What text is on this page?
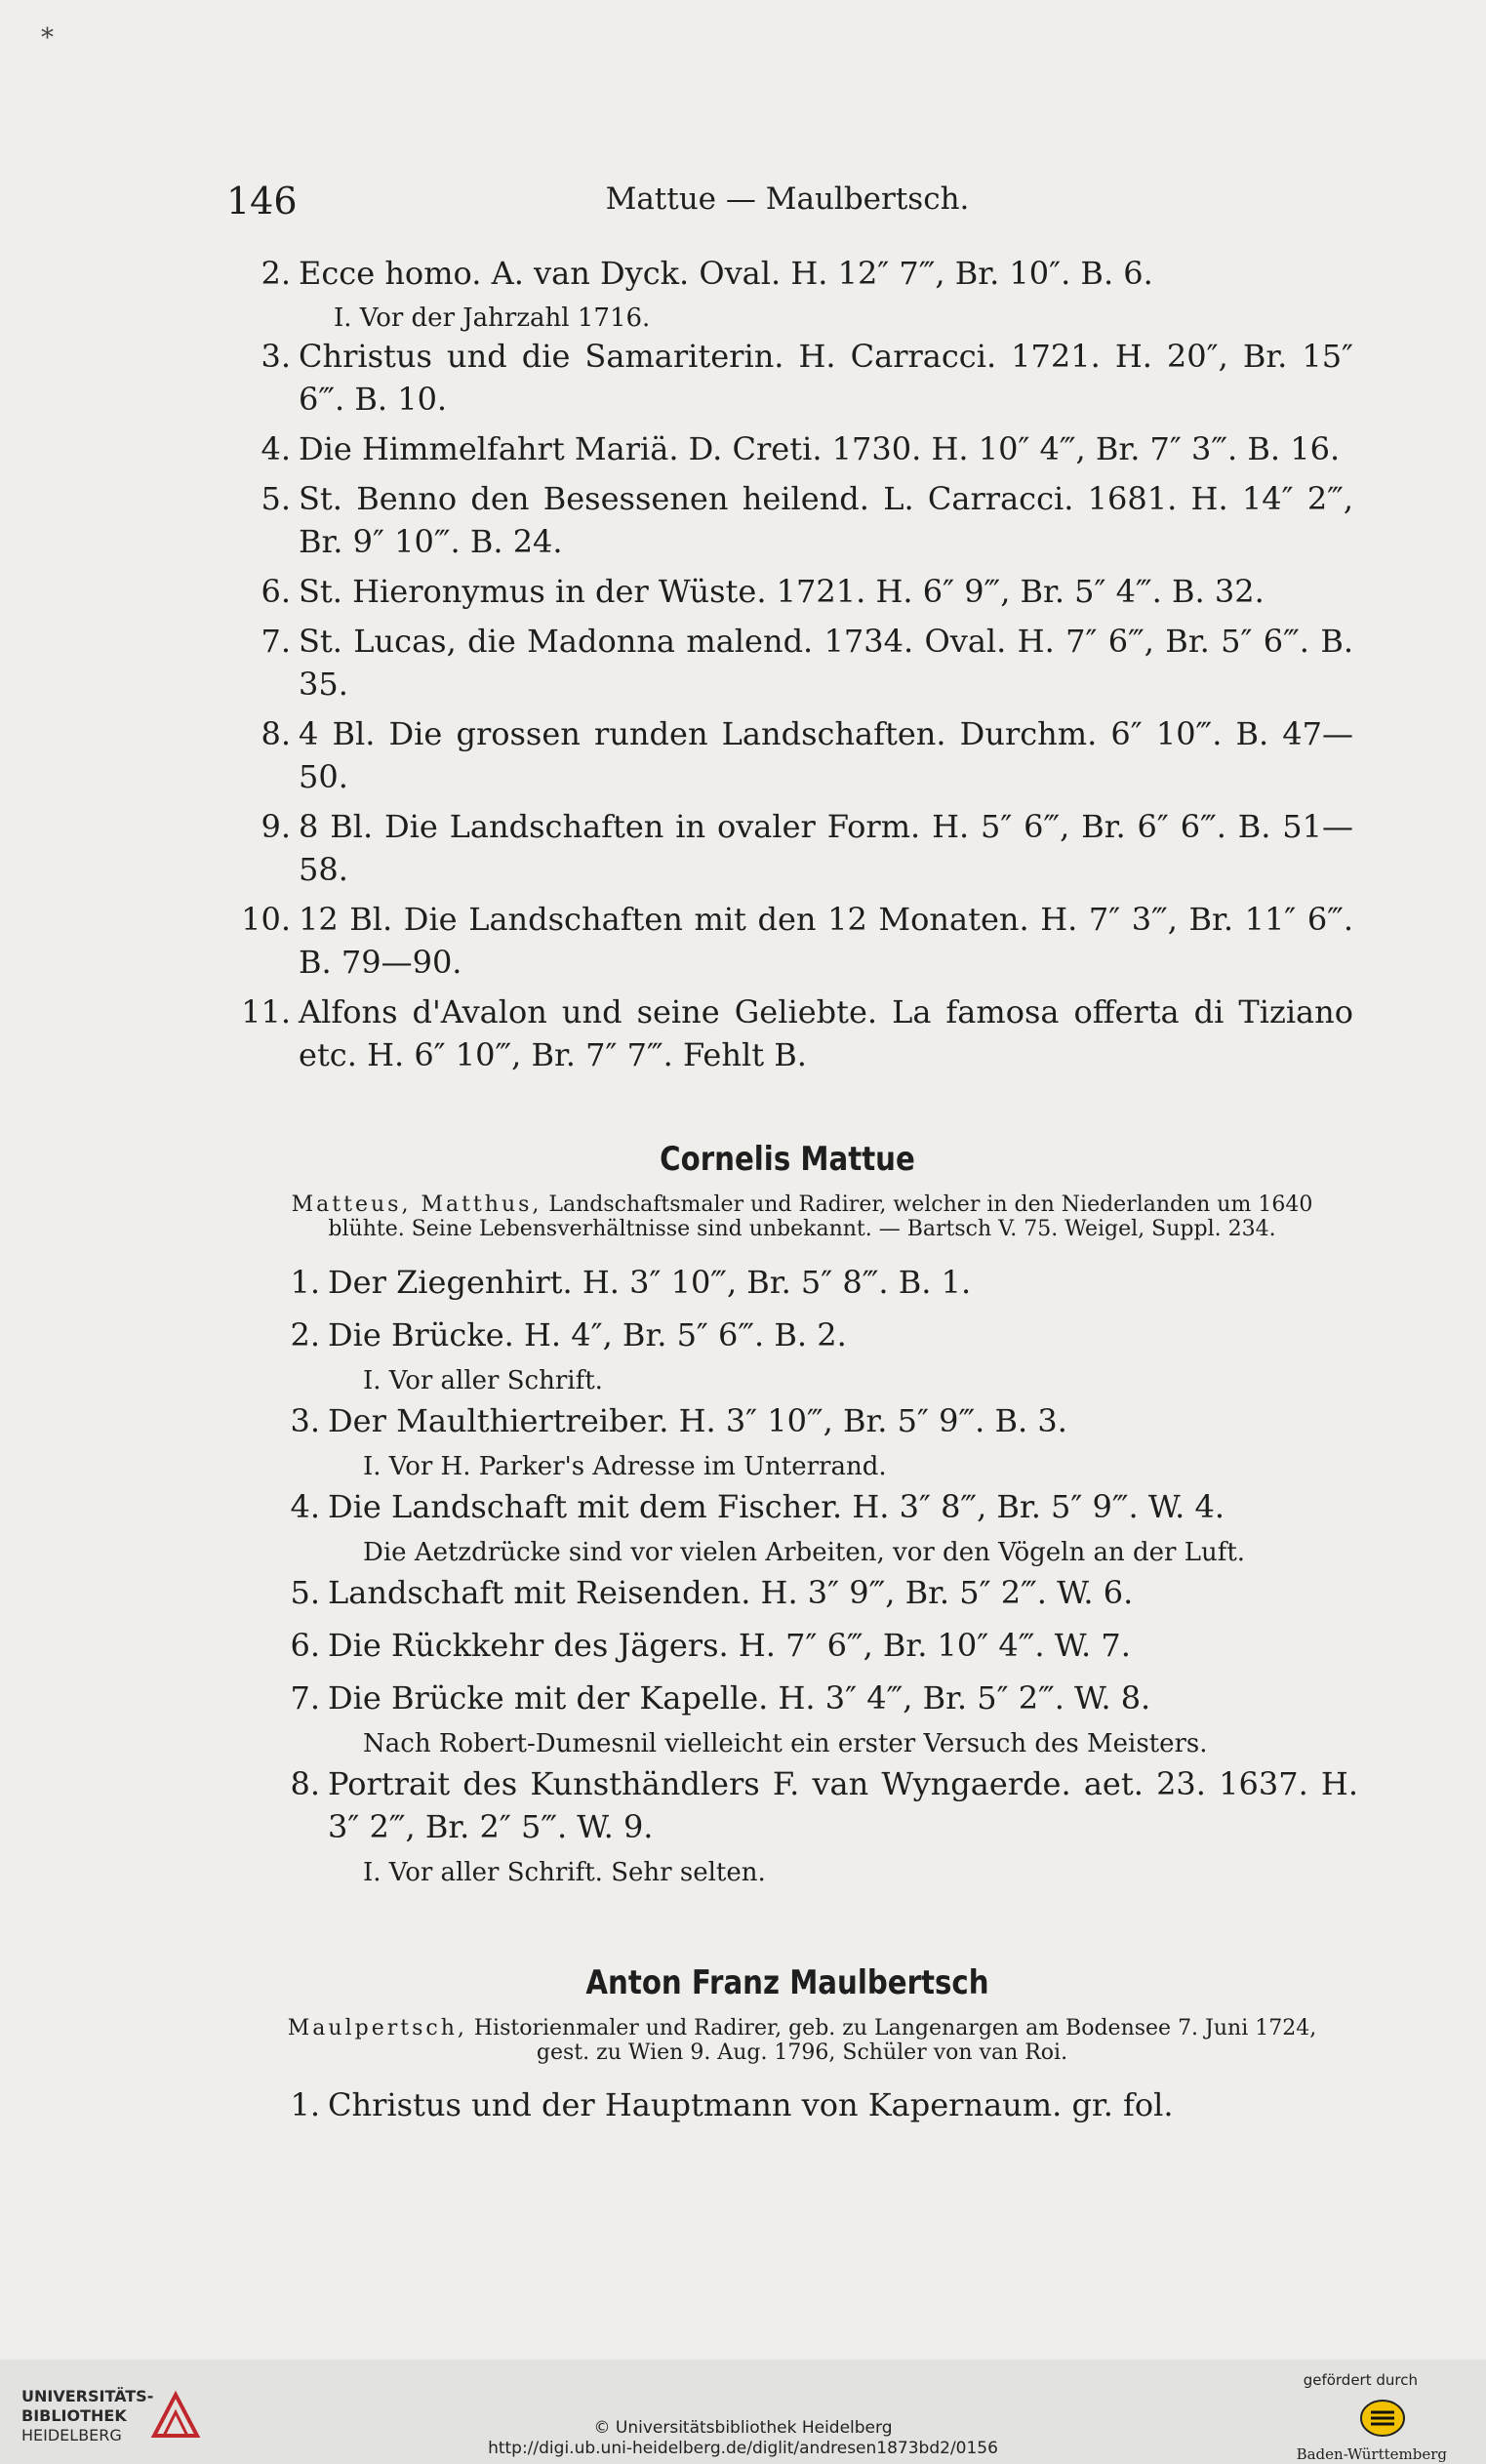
*
146	Mattue — Maulbertsch.
2. Ecce homo. A. van Dyck. Oval. H. 12″ 7‴, Br. 10″. B. 6.
I. Vor der Jahrzahl 1716.
3. Christus und die Samariterin. H. Carracci. 1721. H. 20″, Br. 15″ 6‴. B. 10.
4. Die Himmelfahrt Mariä. D. Creti. 1730. H. 10″ 4‴, Br. 7″ 3‴. B. 16.
5. St. Benno den Besessenen heilend. L. Carracci. 1681. H. 14″ 2‴, Br. 9″ 10‴. B. 24.
6. St. Hieronymus in der Wüste. 1721. H. 6″ 9‴, Br. 5″ 4‴. B. 32.
7. St. Lucas, die Madonna malend. 1734. Oval. H. 7″ 6‴, Br. 5″ 6‴. B. 35.
8. 4 Bl. Die grossen runden Landschaften. Durchm. 6″ 10‴. B. 47—50.
9. 8 Bl. Die Landschaften in ovaler Form. H. 5″ 6‴, Br. 6″ 6‴. B. 51—58.
10. 12 Bl. Die Landschaften mit den 12 Monaten. H. 7″ 3‴, Br. 11″ 6‴. B. 79—90.
11. Alfons d'Avalon und seine Geliebte. La famosa offerta di Tiziano etc. H. 6″ 10‴, Br. 7″ 7‴. Fehlt B.
Cornelis Mattue
Matteus, Matthus, Landschaftsmaler und Radirer, welcher in den Niederlanden um 1640 blühte. Seine Lebensverhältnisse sind unbekannt. — Bartsch V. 75. Weigel, Suppl. 234.
1. Der Ziegenhirt. H. 3″ 10‴, Br. 5″ 8‴. B. 1.
2. Die Brücke. H. 4″, Br. 5″ 6‴. B. 2.
I. Vor aller Schrift.
3. Der Maulthiertreiber. H. 3″ 10‴, Br. 5″ 9‴. B. 3.
I. Vor H. Parker's Adresse im Unterrand.
4. Die Landschaft mit dem Fischer. H. 3″ 8‴, Br. 5″ 9‴. W. 4.
Die Aetzdrücke sind vor vielen Arbeiten, vor den Vögeln an der Luft.
5. Landschaft mit Reisenden. H. 3″ 9‴, Br. 5″ 2‴. W. 6.
6. Die Rückkehr des Jägers. H. 7″ 6‴, Br. 10″ 4‴. W. 7.
7. Die Brücke mit der Kapelle. H. 3″ 4‴, Br. 5″ 2‴. W. 8.
Nach Robert-Dumesnil vielleicht ein erster Versuch des Meisters.
8. Portrait des Kunsthändlers F. van Wyngaerde. aet. 23. 1637. H. 3″ 2‴, Br. 2″ 5‴. W. 9.
I. Vor aller Schrift. Sehr selten.
Anton Franz Maulbertsch
Maulpertsch, Historienmaler und Radirer, geb. zu Langenargen am Bodensee 7. Juni 1724, gest. zu Wien 9. Aug. 1796, Schüler von van Roi.
1. Christus und der Hauptmann von Kapernaum. gr. fol.
UNIVERSITÄTS-
BIBLIOTHEK
HEIDELBERG	© Universitätsbibliothek Heidelberg
http://digi.ub.uni-heidelberg.de/diglit/andresen1873bd2/0156
gefördert durch
Baden-Württemberg
